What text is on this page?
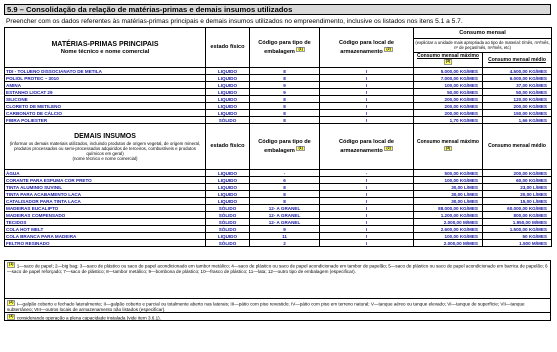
5.9 – Consolidação da relação de matérias-primas e demais insumos utilizados
Preencher com os dados referentes às matérias-primas principais e demais insumos utilizados no empreendimento, inclusive os listados nos itens 5.1 a 5.7.
MATÉRIAS-PRIMAS PRINCIPAIS
Nome técnico e nome comercial	estado físico	Código para tipo de embalagem (1)	Código para local de armazenamento (2)	Consumo mensal	
				(explicitar a unidade mais apropriada ao tipo de material: t/mês, m³/mês, nº de peças/mês, m²/mês, etc)	
				Consumo mensal máximo (3)	Consumo mensal médio
TDI - TOLUENO DISSOCIANATO DE METILA	LIQUIDO	8	I	5.000,00 KG/MES	4.500,00 KG/MES
POLIOL PROTEC – 3010	LIQUIDO	8	I	7.000,00 KG/MES	6.000,00 KG/MES
AMINA	LIQUIDO	9	I	100,00 KG/MES	37,00 KG/MES
ESTANHO LIOCAT 29	LIQUIDO	9	I	50,00 KG/MES	50,00 KG/MES
SILICONE	LIQUIDO	8	I	200,00 KG/MES	120,00 KG/MES
CLORETO DE METILENO	LIQUIDO	8	I	200,00 KG/MES	200,00 KG/MES
CARBONATO DE CÁLCIO	LIQUIDO	8	I	200,00 KG/MES	150,00 KG/MES
FIBRA POLIESTER	SÓLIDO	8	I	1,70 KG/MES	1,66 KG/MES

DEMAIS INSUMOS
(informar os demais materiais utilizados, incluindo produtos de origem vegetal, de origem mineral, produtos processados ou semi-processados adquiridos de terceiros, combustíveis e produtos químicos em geral)
(nome técnico e nome comercial)	estado físico	Código para tipo de embalagem (1)	Código para local de armazenamento (2)	Consumo mensal máximo (3)	Consumo mensal médio
ÁGUA	LIQUIDO	-	-	500,00 KG/MES	200,00 KG/MES
CORANTE PARA ESPUMA COR PRETO	LIQUIDO	6	I	100,00 KG/MES	60,00 KG/MES
TINTA ALUMINIO SUVINIL	LIQUIDO	8	I	30,00 L/MES	23,00 L/MES
TINTA PARA ACABAMENTO LACA	LIQUIDO	8	I	30,00 L/MES	20,00 L/MES
CATALISADOR PARA TINTA LACA	LIQUIDO	8	I	30,00 L/MES	15,00 L/MES
MADEIRAS EUCALIPTO	SÓLIDO	12- A GRANEL	I	88.000,00 KG/MES	60.000,00 KG/MES
MADEIRAS COMPENSADO	SÓLIDO	12- A GRANEL	I	1.200,00 KG/MES	800,00 KG/MES
TECIDOS	SÓLIDO	12- A GRANEL	I	2.000,00 M/MES	1.950,00 M/MES
COLA HOT MELT	SÓLIDO	9	I	2.600,00 KG/MES	1.500,00 KG/MES
COLA BRANCA PARA MADEIRA	LIQUIDO	11	I	100,00 KG/MES	50 KG/MES
FELTRO RESINADO	SÓLIDO	2	I	2.000,00 M/MES	1.500 M/MES
(1) 1—saco de papel; 2—big bag; 3—saco de plástico ou saco de papel acondicionado em tambor metálico; 4—saco de plástico ou saco de papel acondicionado em tambor de papelão; 5—saco de plástico ou saco de papel acondicionado em barrica de papelão; 6—saco de papel reforçado; 7—saco de plástico; 8—tambor metálico; 9—bombona de plástico; 10—frasco de plástico; 11—lata; 12—outro tipo de embalagem (especificar).
(2) I—galpão coberto e fechado lateralmente; II—galpão coberto e parcial ou totalmente aberto nas laterais; III—pátio com piso revestido; IV—pátio com piso em terreno natural; V—tanque aéreo ou tanque elevado; VI—tanque de superfície; VII—tanque subterrâneo; VIII—outros locais de armazenamento não listados (especificar).
(3) considerando operação a plena capacidade instalada (vide item 3.6.1).
